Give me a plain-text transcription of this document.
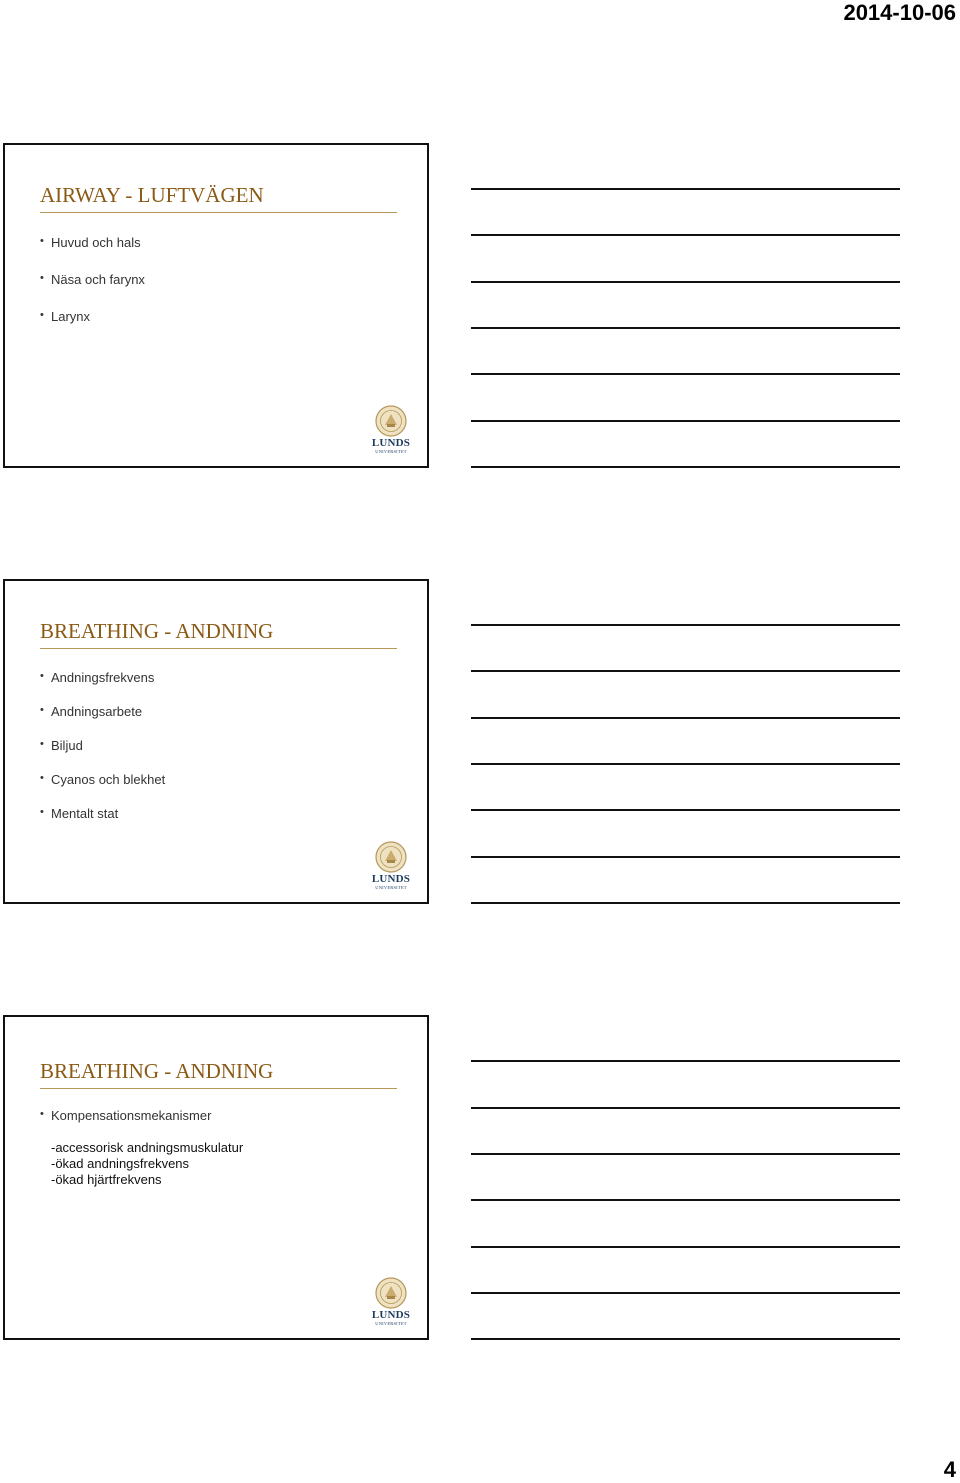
2014-10-06
AIRWAY - LUFTVÄGEN
• Huvud och hals
• Näsa och farynx
• Larynx
LUNDS
UNIVERSITET
BREATHING - ANDNING
• Andningsfrekvens
• Andningsarbete
• Biljud
• Cyanos och blekhet
• Mentalt stat
LUNDS
UNIVERSITET
BREATHING - ANDNING
• Kompensationsmekanismer
-accessorisk andningsmuskulatur
-ökad andningsfrekvens
-ökad hjärtfrekvens
LUNDS
UNIVERSITET
4
